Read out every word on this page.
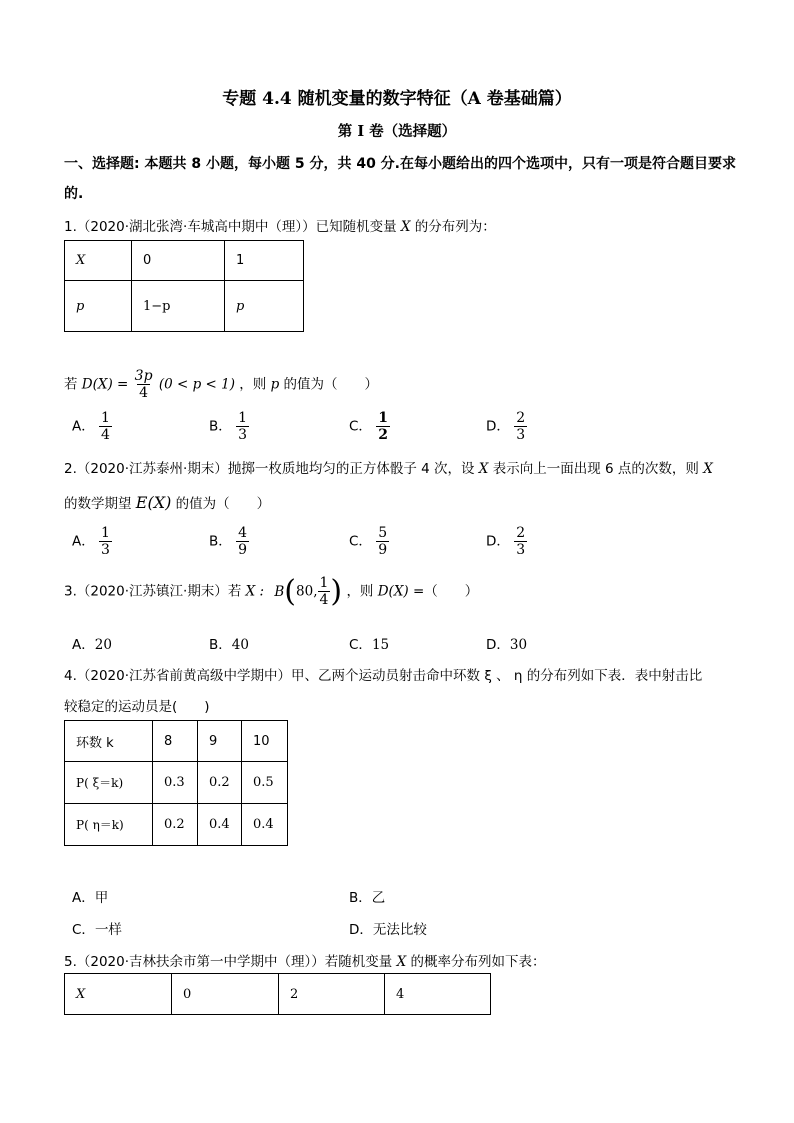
专题 4.4 随机变量的数字特征（A 卷基础篇）
第 I 卷（选择题）
一、选择题: 本题共 8 小题，每小题 5 分，共 40 分.在每小题给出的四个选项中，只有一项是符合题目要求
的.
1.（2020·湖北张湾·车城高中期中（理））已知随机变量 X 的分布列为：
X	0	1
p	1−p	p
若 $D(X) = \frac{3p}{4} (0 < p < 1)$ ，则 p 的值为（　　）
A． $\frac{1}{4}$	B． $\frac{1}{3}$	C． $\frac{1}{2}$	D． $\frac{2}{3}$
2.（2020·江苏泰州·期末）抛掷一枚质地均匀的正方体骰子 4 次，设 X 表示向上一面出现 6 点的次数，则 X
的数学期望 E(X) 的值为（　　）
A． $\frac{1}{3}$	B． $\frac{4}{9}$	C． $\frac{5}{9}$	D． $\frac{2}{3}$
3.（2020·江苏镇江·期末）若 X : B(80, $\frac{1}{4}$ ) ，则 D(X) =（　　）
A．20	B．40	C．15	D．30
4.（2020·江苏省前黄高级中学期中）甲、乙两个运动员射击命中环数 ξ 、 η 的分布列如下表．表中射击比
较稳定的运动员是(　　)
环数 k	8	9	10
P( ξ＝k)	0.3	0.2	0.5
P( η＝k)	0.2	0.4	0.4
A．甲	B．乙
C．一样	D．无法比较
5.（2020·吉林扶余市第一中学期中（理））若随机变量 X 的概率分布列如下表：
X	0	2	4
